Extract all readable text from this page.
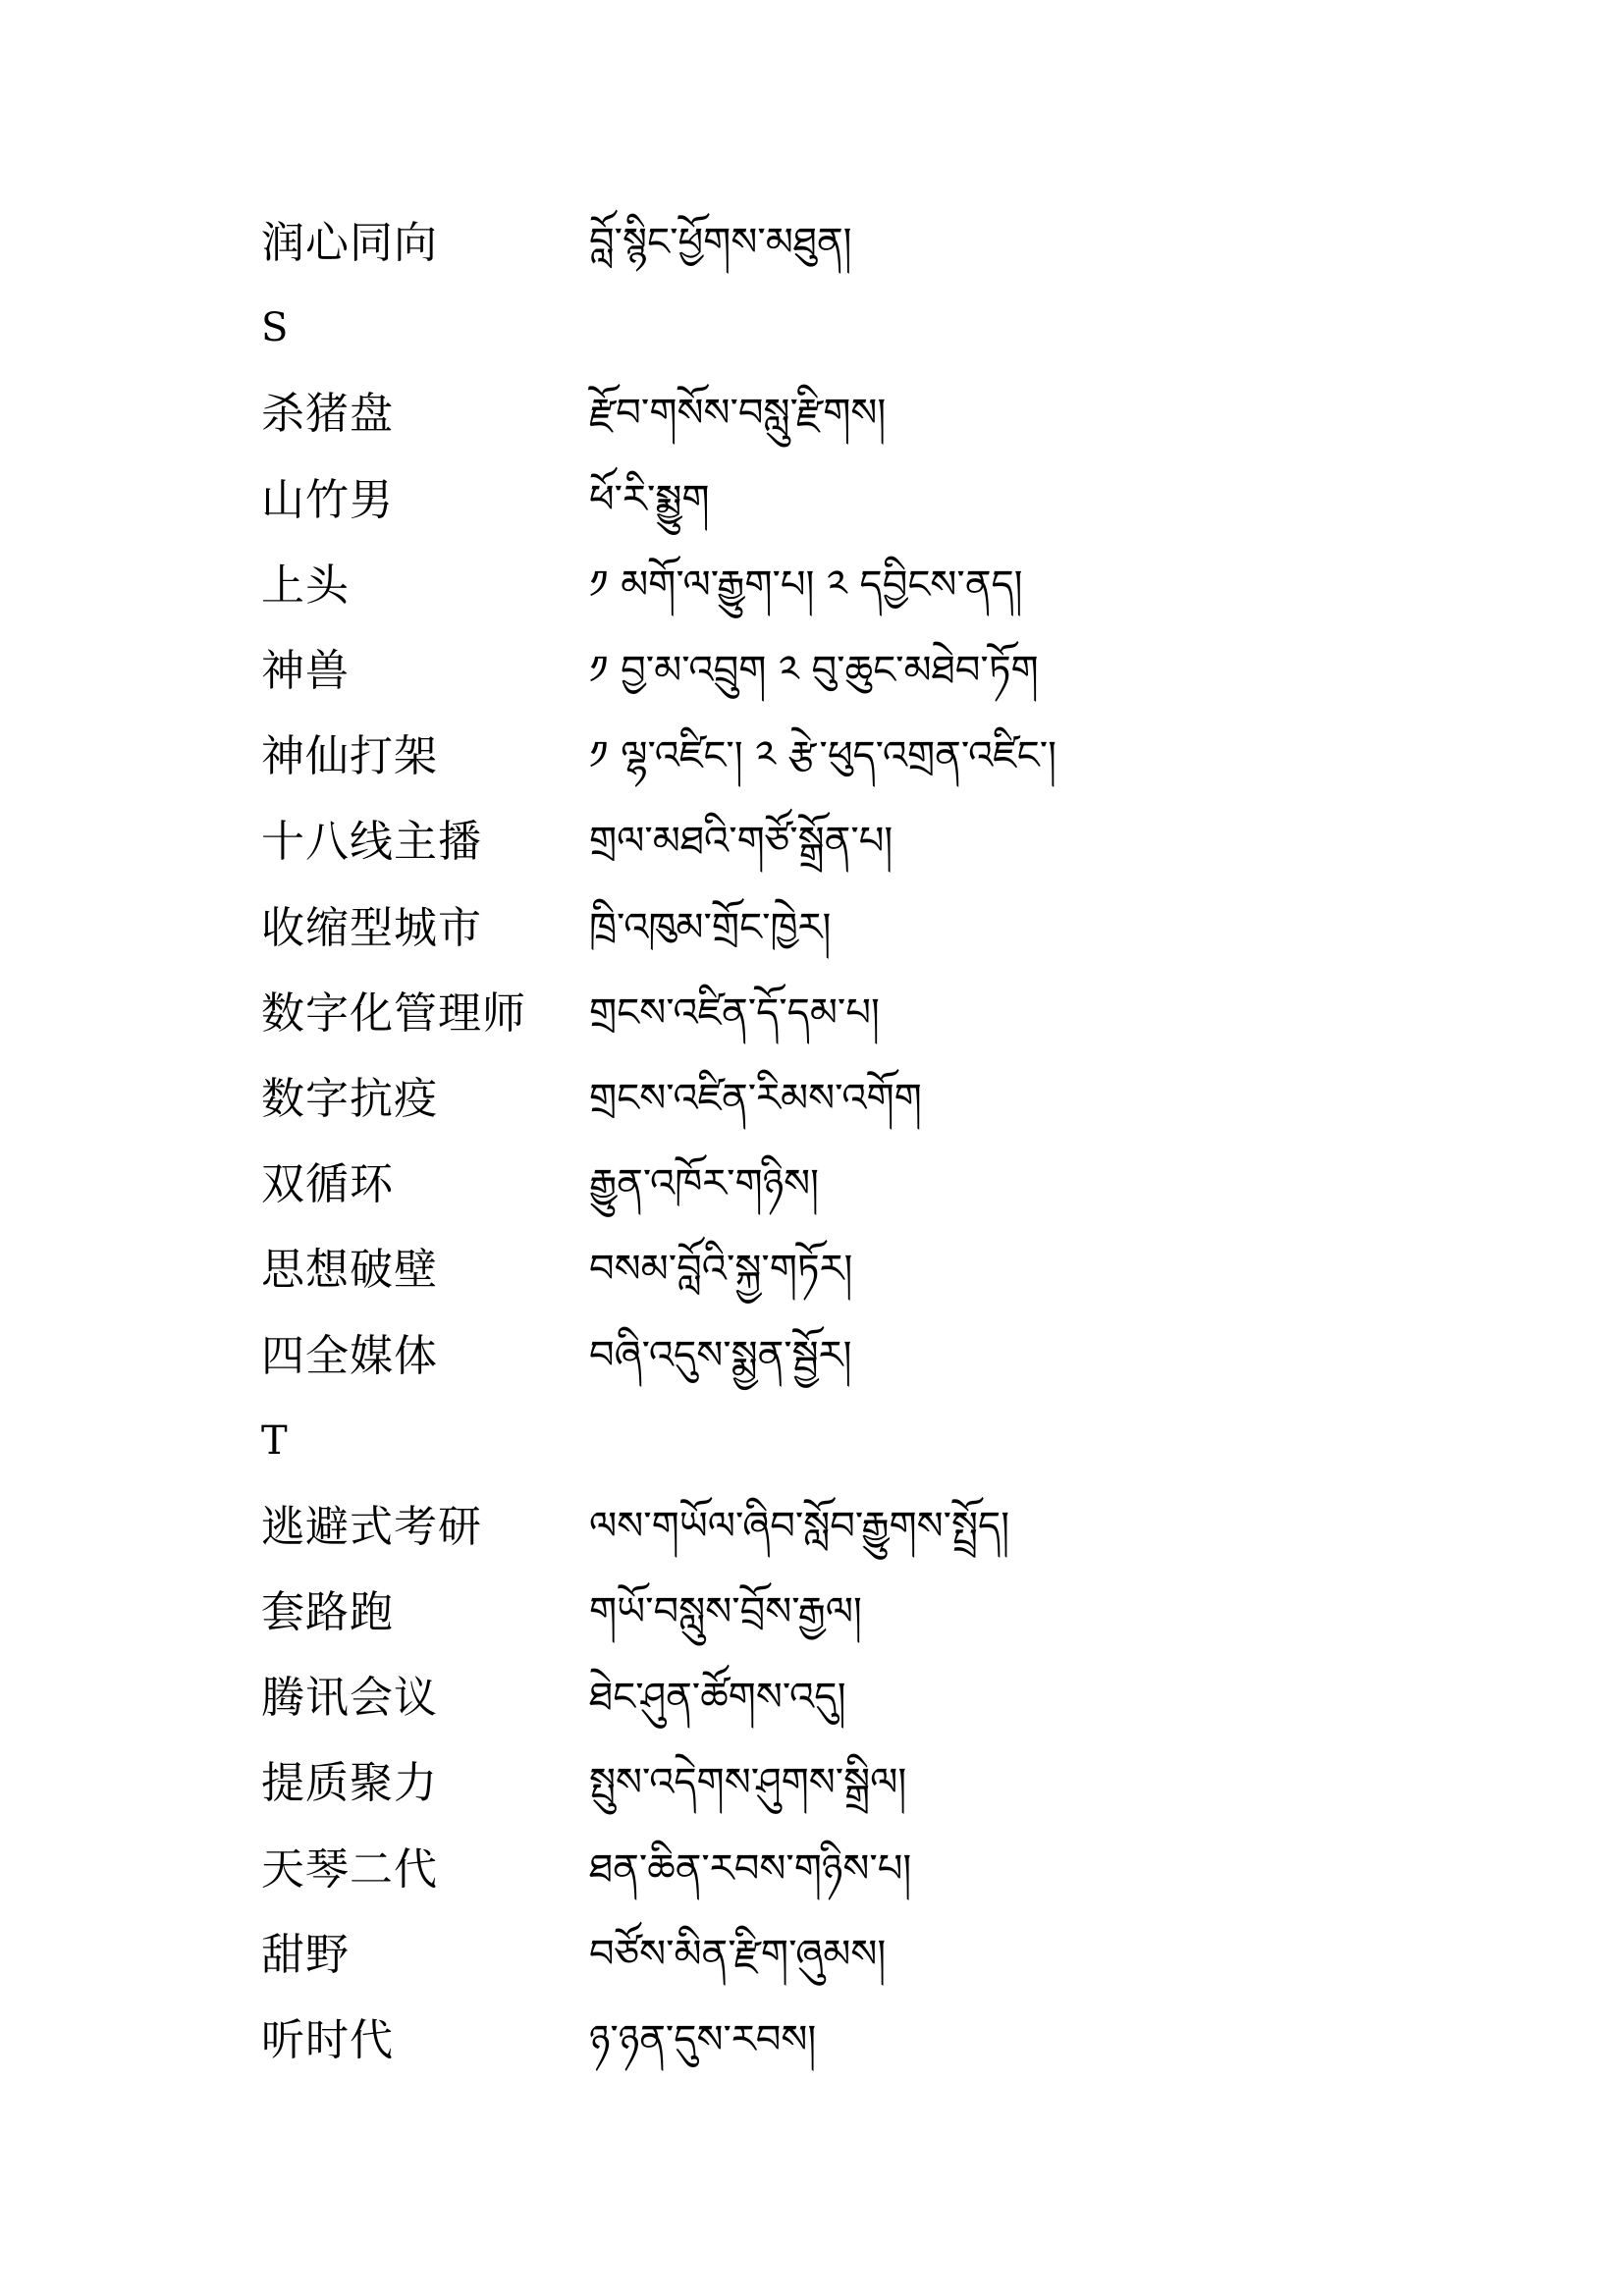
润心同向	བློ་སྙིང་ཕྱོགས་མཐུན།
S
杀猪盘	རྫོབ་གསོས་བསླུ་རྫིགས།
山竹男	ཕོ་རི་སྨྱུག
上头	༡ མགོ་ལ་རྒྱུག་པ། ༢ དབྱིངས་ནད།
神兽	༡ བྱ་མ་འབྲུག ༢ བུ་ཆུང་མཐེབ་ཏོག
神仙打架	༡ ལྷ་འཛིང་། ༢ རྩེ་ཕུད་འགྲན་འཛིང་།
十八线主播	གྲལ་མཐའི་གཙོ་སྒྲོན་པ།
收缩型城市	ཁྲི་འཁུམ་གྲོང་ཁྱེར།
数字化管理师	གྲངས་འཛིན་དོ་དམ་པ།
数字抗疫	གྲངས་འཛིན་རིམས་འགོག
双循环	རྒྱུན་འཁོར་གཉིས།
思想破壁	བསམ་བློའི་སྐྱ་གཏོར།
四全媒体	བཞི་འདུས་སྨྱན་སྦྱོར།
T
逃避式考研	ལས་གཡོལ་ཞིབ་སློབ་རྒྱུགས་སྤྲོད།
套路跑	གཡོ་བསླུས་བྲོས་རྒྱལ།
腾讯会议	ཐེང་ཤུན་ཚོགས་འདུ།
提质聚力	སྤུས་འདེགས་ཤུགས་སྒྲིལ།
天琴二代	ཐན་ཆིན་རབས་གཉིས་པ།
甜野	བཙོས་མིན་རྫིག་ཞུམས།
听时代	ཉ་ཉན་དུས་རབས།
